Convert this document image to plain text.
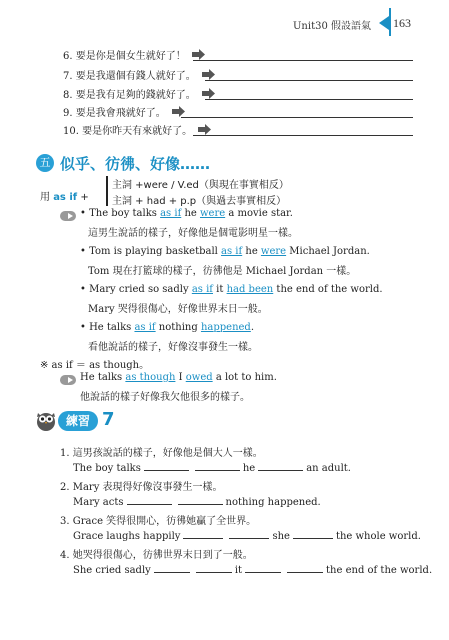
Unit30 假設語氣 163
6. 要是你是個女生就好了！
7. 要是我還個有錢人就好了。
8. 要是我有足夠的錢就好了。
9. 要是我會飛就好了。
10. 要是你昨天有來就好了。
五 似乎、彷彿、好像……
用 as if +
主詞 +were / V.ed（與現在事實相反）
主詞 + had + p.p（與過去事實相反）
• The boy talks as if he were a movie star.
這男生說話的樣子，好像他是個電影明星一樣。
• Tom is playing basketball as if he were Michael Jordan.
Tom 現在打籃球的樣子，彷彿他是 Michael Jordan 一樣。
• Mary cried so sadly as if it had been the end of the world.
Mary 哭得很傷心，好像世界末日一般。
• He talks as if nothing happened.
看他說話的樣子，好像沒事發生一樣。
※ as if ＝ as though。
He talks as though I owed a lot to him.
他說話的樣子好像我欠他很多的樣子。
練習 7
1. 這男孩說話的樣子，好像他是個大人一樣。
The boy talks	he	an adult.
2. Mary 表現得好像沒事發生一樣。
Mary acts	nothing happened.
3. Grace 笑得很開心，彷彿她贏了全世界。
Grace laughs happily	she	the whole world.
4. 她哭得很傷心，彷彿世界末日到了一般。
She cried sadly	it	the end of the world.
